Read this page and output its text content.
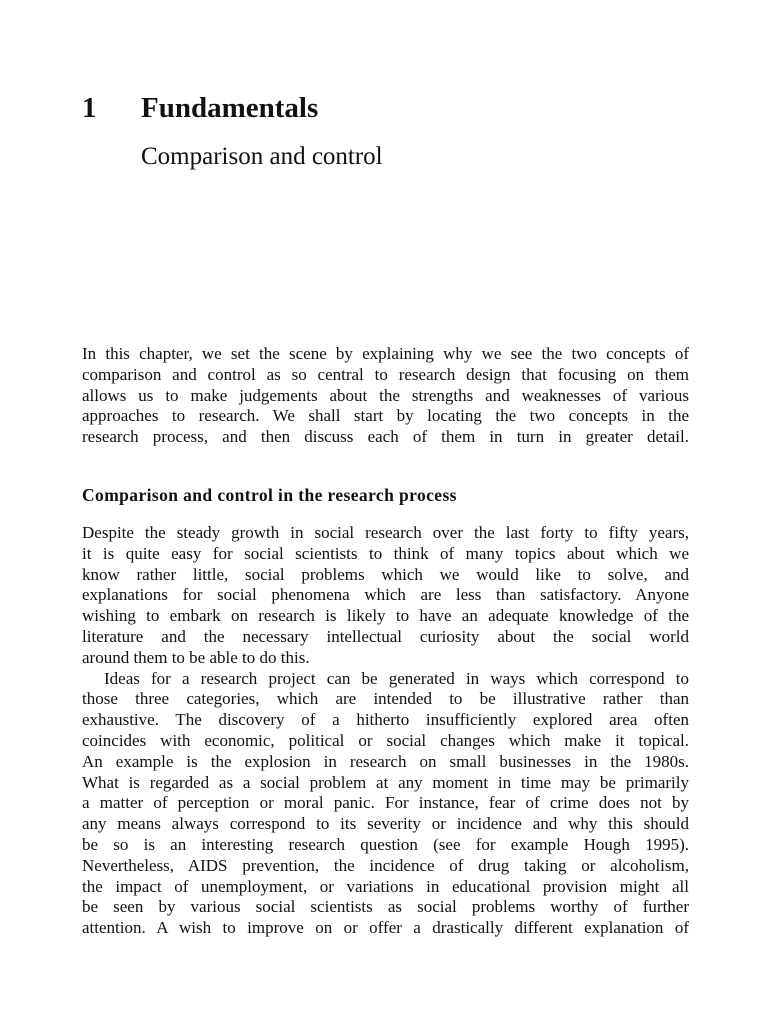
1 Fundamentals
Comparison and control
In this chapter, we set the scene by explaining why we see the two concepts of
comparison and control as so central to research design that focusing on them
allows us to make judgements about the strengths and weaknesses of various
approaches to research. We shall start by locating the two concepts in the
research process, and then discuss each of them in turn in greater detail.
Comparison and control in the research process
Despite the steady growth in social research over the last forty to fifty years,
it is quite easy for social scientists to think of many topics about which we
know rather little, social problems which we would like to solve, and
explanations for social phenomena which are less than satisfactory. Anyone
wishing to embark on research is likely to have an adequate knowledge of the
literature and the necessary intellectual curiosity about the social world
around them to be able to do this.
Ideas for a research project can be generated in ways which correspond to
those three categories, which are intended to be illustrative rather than
exhaustive. The discovery of a hitherto insufficiently explored area often
coincides with economic, political or social changes which make it topical.
An example is the explosion in research on small businesses in the 1980s.
What is regarded as a social problem at any moment in time may be primarily
a matter of perception or moral panic. For instance, fear of crime does not by
any means always correspond to its severity or incidence and why this should
be so is an interesting research question (see for example Hough 1995).
Nevertheless, AIDS prevention, the incidence of drug taking or alcoholism,
the impact of unemployment, or variations in educational provision might all
be seen by various social scientists as social problems worthy of further
attention. A wish to improve on or offer a drastically different explanation of
